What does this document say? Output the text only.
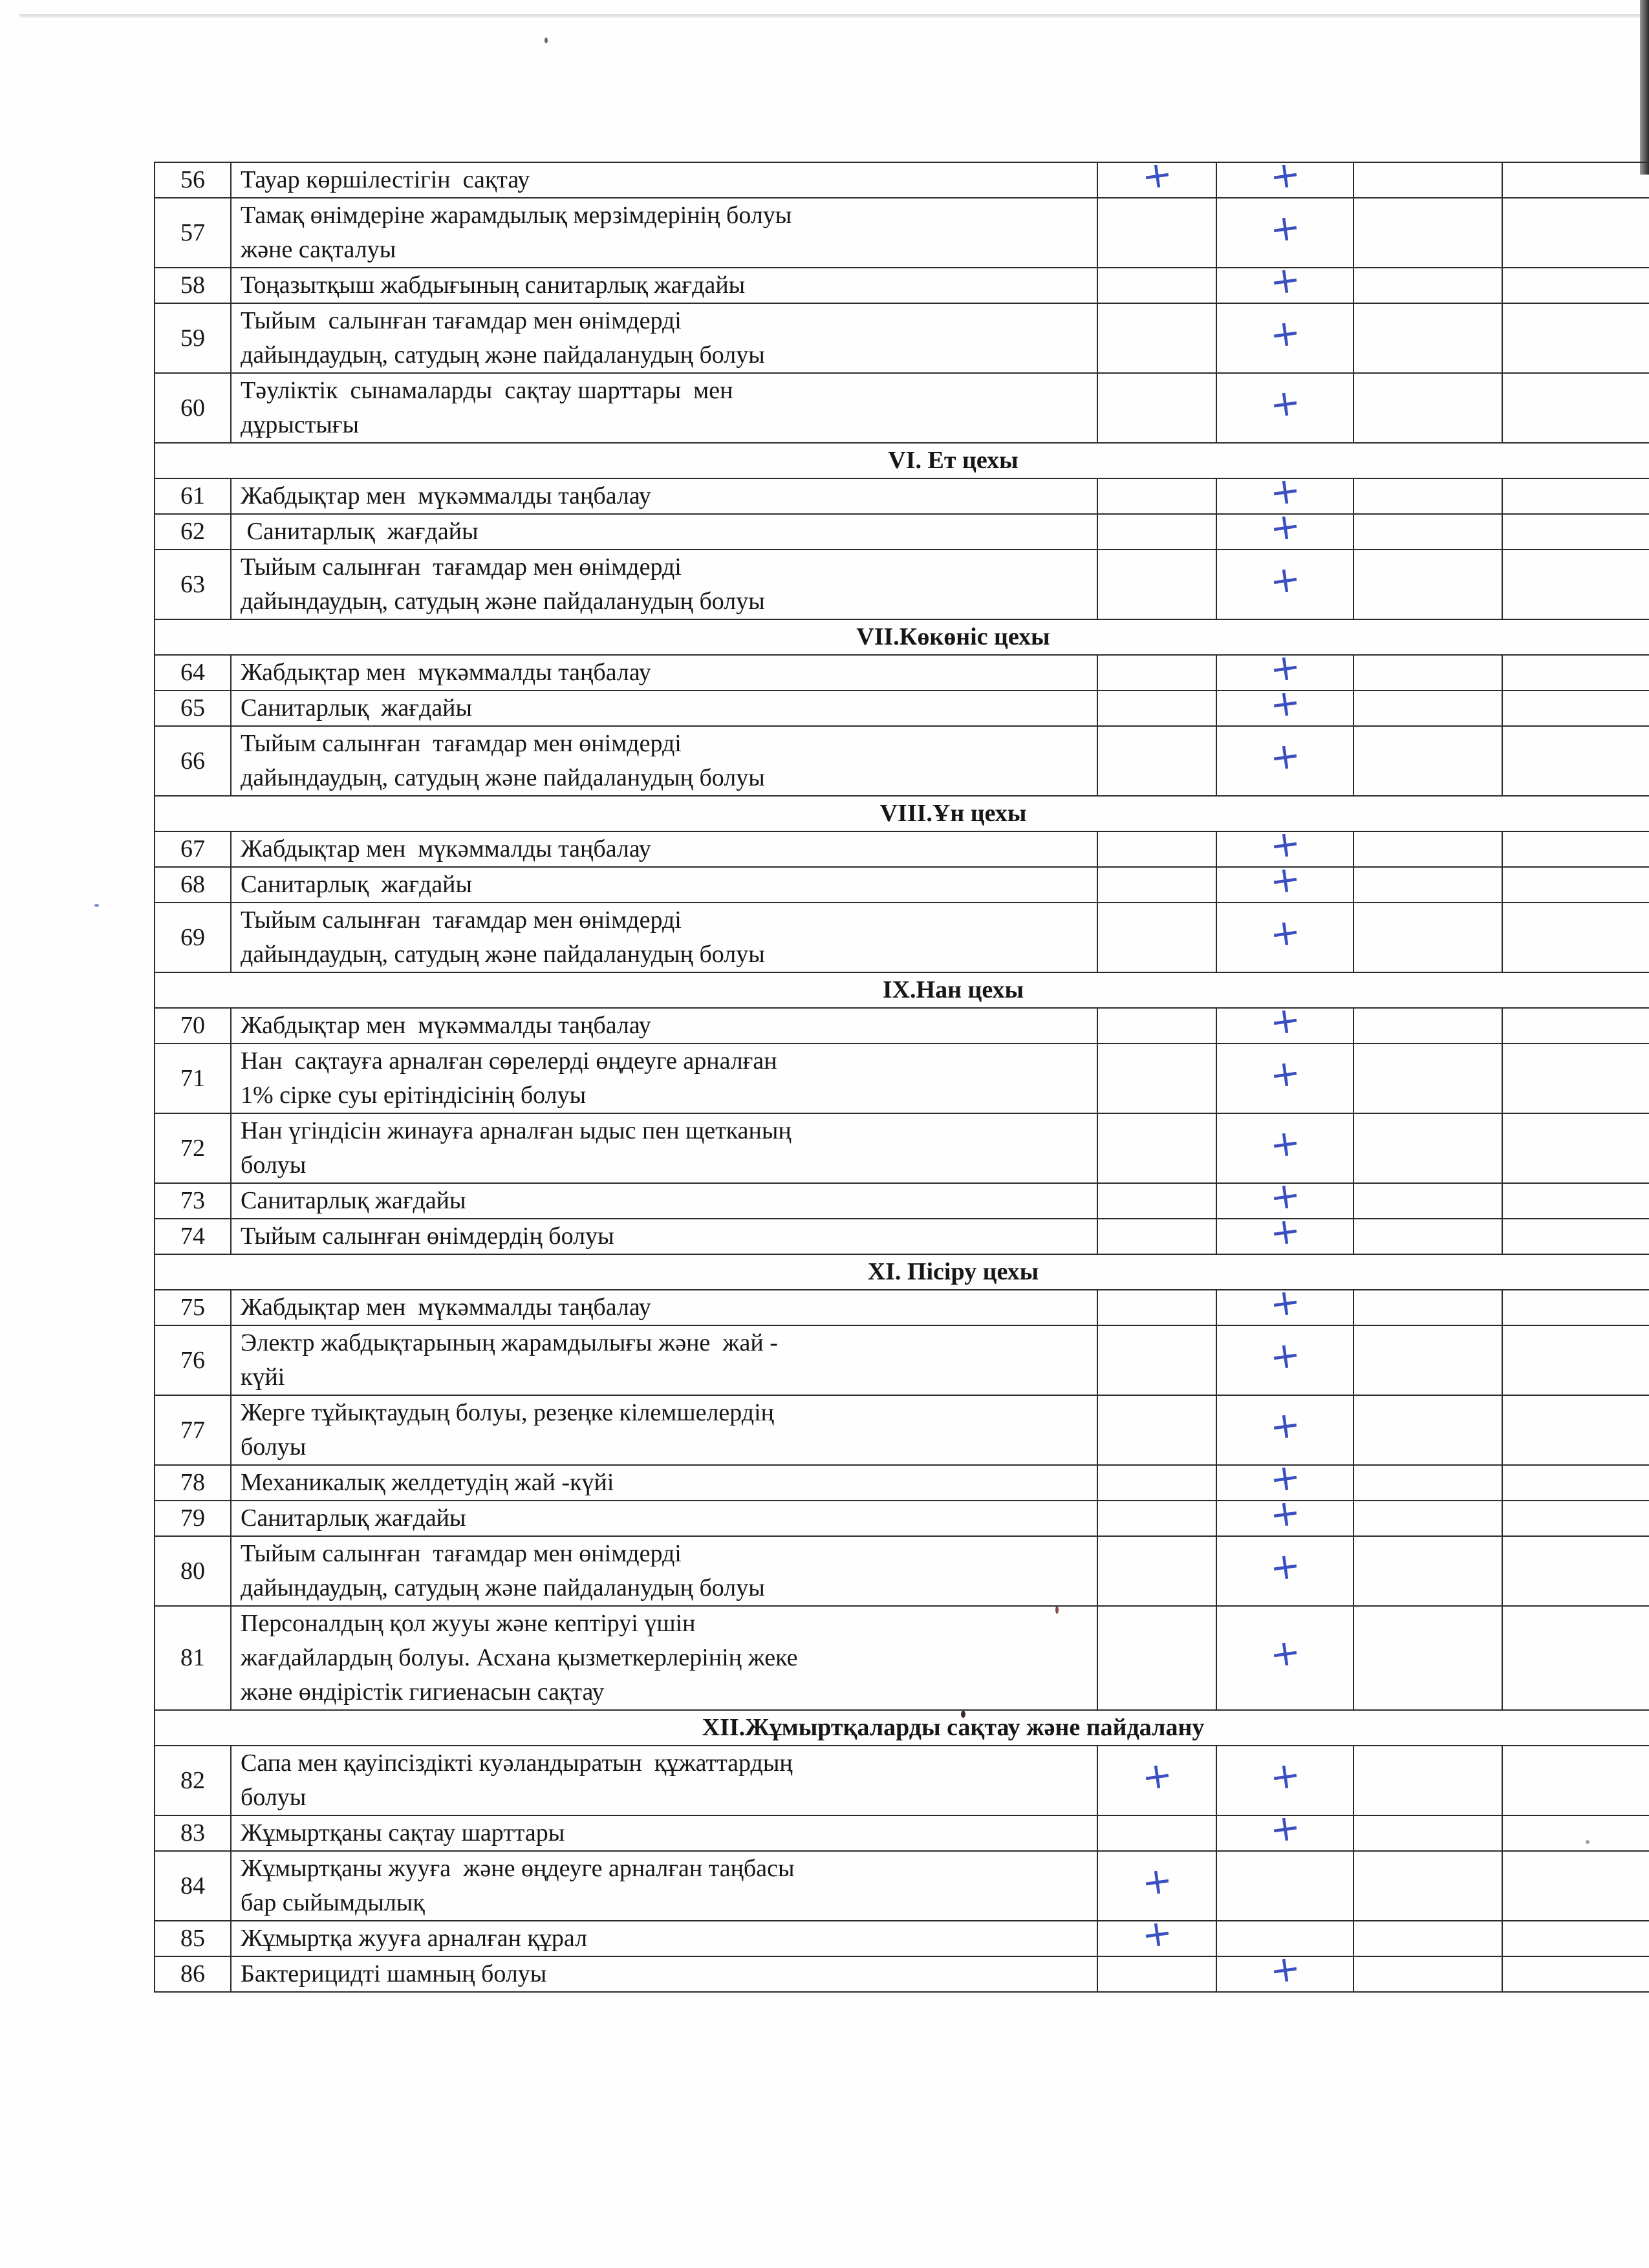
56	Тауар көршілестігін  сақтау	+	+		
57	Тамақ өнімдеріне жарамдылық мерзімдерінің болуы
және сақталуы		+		
58	Тоңазытқыш жабдығының санитарлық жағдайы		+		
59	Тыйым  салынған тағамдар мен өнімдерді
дайындаудың, сатудың және пайдаланудың болуы		+		
60	Тәуліктік  сынамаларды  сақтау шарттары  мен
дұрыстығы		+		
VI. Ет цехы					
61	Жабдықтар мен  мүкәммалды таңбалау		+		
62	Санитарлық  жағдайы		+		
63	Тыйым салынған  тағамдар мен өнімдерді
дайындаудың, сатудың және пайдаланудың болуы		+		
VII.Көкөніс цехы					
64	Жабдықтар мен  мүкәммалды таңбалау		+		
65	Санитарлық  жағдайы		+		
66	Тыйым салынған  тағамдар мен өнімдерді
дайындаудың, сатудың және пайдаланудың болуы		+		
VIII.Ұн цехы					
67	Жабдықтар мен  мүкәммалды таңбалау		+		
68	Санитарлық  жағдайы		+		
69	Тыйым салынған  тағамдар мен өнімдерді
дайындаудың, сатудың және пайдаланудың болуы		+		
IX.Нан цехы					
70	Жабдықтар мен  мүкәммалды таңбалау		+		
71	Нан  сақтауға арналған сөрелерді өңдеуге арналған
1% сірке суы ерітіндісінің болуы		+		
72	Нан үгіндісін жинауға арналған ыдыс пен щетканың
болуы		+		
73	Санитарлық жағдайы		+		
74	Тыйым салынған өнімдердің болуы		+		
XI. Пісіру цехы					
75	Жабдықтар мен  мүкәммалды таңбалау		+		
76	Электр жабдықтарының жарамдылығы және  жай -
күйі		+		
77	Жерге тұйықтаудың болуы, резеңке кілемшелердің
болуы		+		
78	Механикалық желдетудің жай -күйі		+		
79	Санитарлық жағдайы		+		
80	Тыйым салынған  тағамдар мен өнімдерді
дайындаудың, сатудың және пайдаланудың болуы		+		
81	Персоналдың қол жууы және кептіруі үшін
жағдайлардың болуы. Асхана қызметкерлерінің жеке
және өндірістік гигиенасын сақтау		+		
XII.Жұмыртқаларды сақтау және пайдалану					
82	Сапа мен қауіпсіздікті куәландыратын  құжаттардың
болуы	+	+		
83	Жұмыртқаны сақтау шарттары		+		
84	Жұмыртқаны жууға  және өңдеуге арналған таңбасы
бар сыйымдылық	+			
85	Жұмыртқа жууға арналған құрал	+			
86	Бактерицидті шамның болуы		+		
